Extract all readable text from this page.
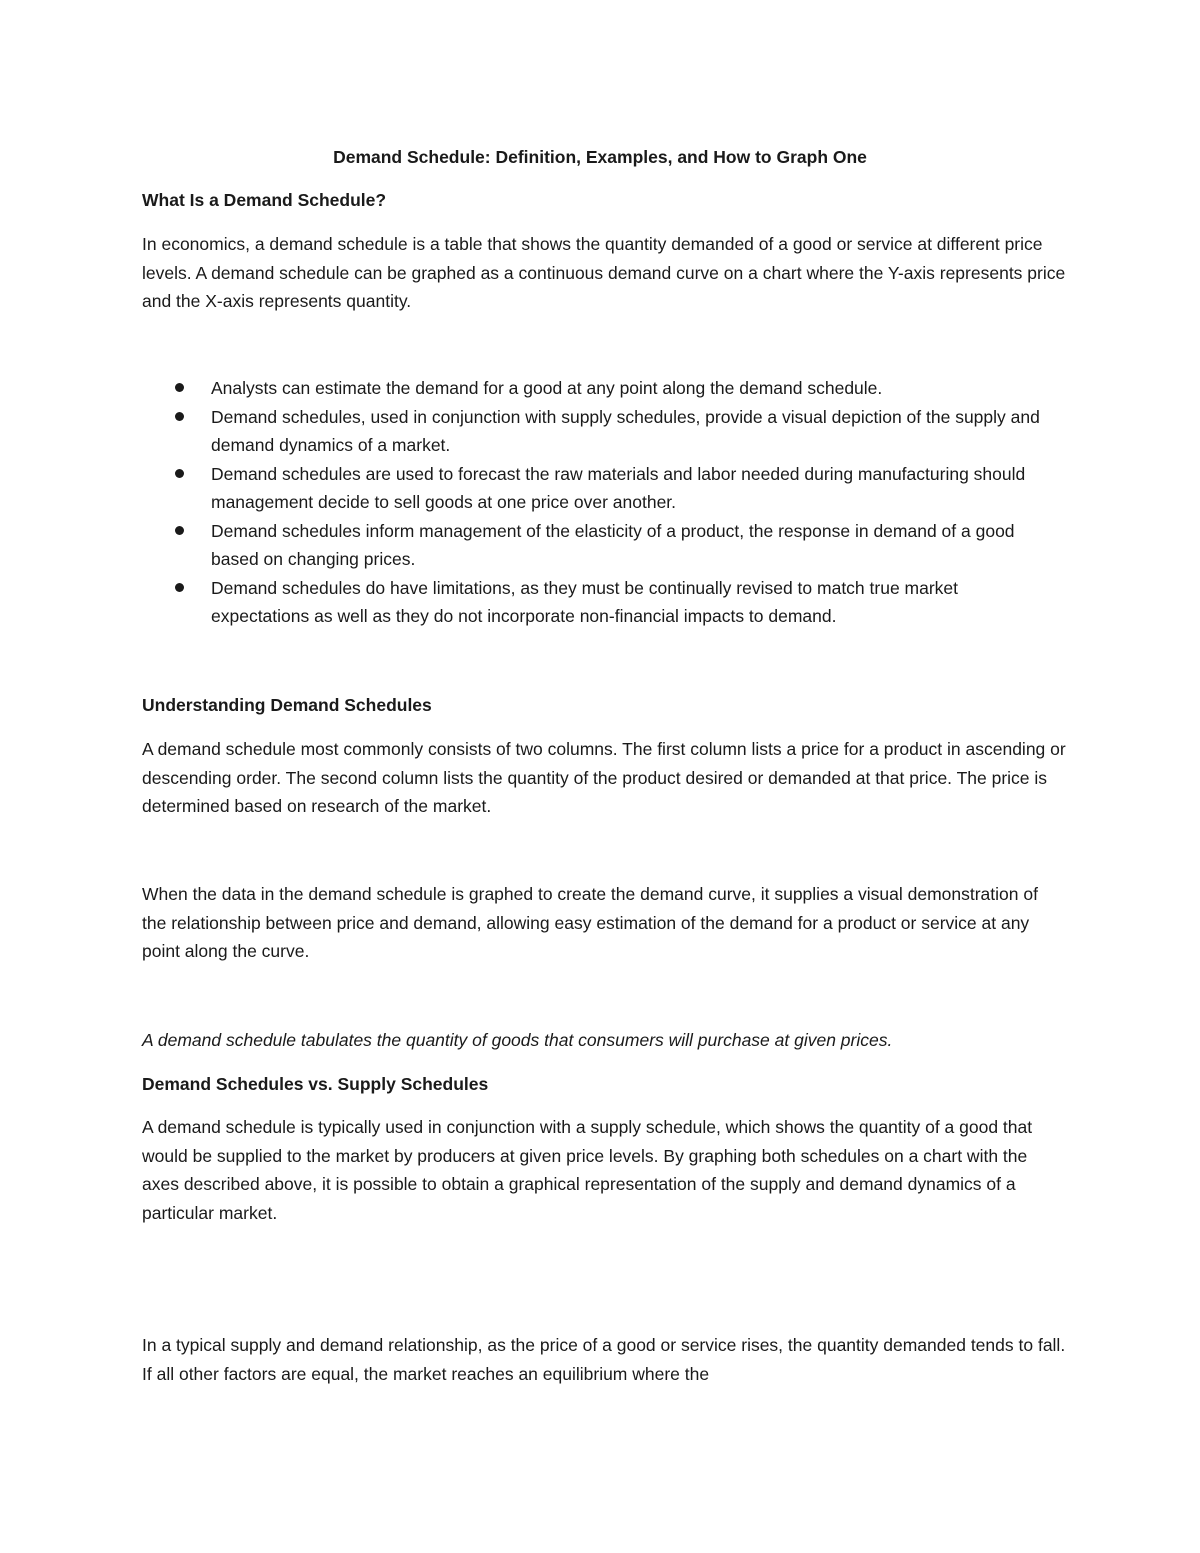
Demand Schedule: Definition, Examples, and How to Graph One

What Is a Demand Schedule?

In economics, a demand schedule is a table that shows the quantity demanded of a good or service at different price levels. A demand schedule can be graphed as a continuous demand curve on a chart where the Y-axis represents price and the X-axis represents quantity.

Analysts can estimate the demand for a good at any point along the demand schedule.
Demand schedules, used in conjunction with supply schedules, provide a visual depiction of the supply and demand dynamics of a market.
Demand schedules are used to forecast the raw materials and labor needed during manufacturing should management decide to sell goods at one price over another.
Demand schedules inform management of the elasticity of a product, the response in demand of a good based on changing prices.
Demand schedules do have limitations, as they must be continually revised to match true market expectations as well as they do not incorporate non-financial impacts to demand.

Understanding Demand Schedules

A demand schedule most commonly consists of two columns. The first column lists a price for a product in ascending or descending order. The second column lists the quantity of the product desired or demanded at that price. The price is determined based on research of the market.

When the data in the demand schedule is graphed to create the demand curve, it supplies a visual demonstration of the relationship between price and demand, allowing easy estimation of the demand for a product or service at any point along the curve.

A demand schedule tabulates the quantity of goods that consumers will purchase at given prices.

Demand Schedules vs. Supply Schedules

A demand schedule is typically used in conjunction with a supply schedule, which shows the quantity of a good that would be supplied to the market by producers at given price levels. By graphing both schedules on a chart with the axes described above, it is possible to obtain a graphical representation of the supply and demand dynamics of a particular market.

In a typical supply and demand relationship, as the price of a good or service rises, the quantity demanded tends to fall. If all other factors are equal, the market reaches an equilibrium where the
